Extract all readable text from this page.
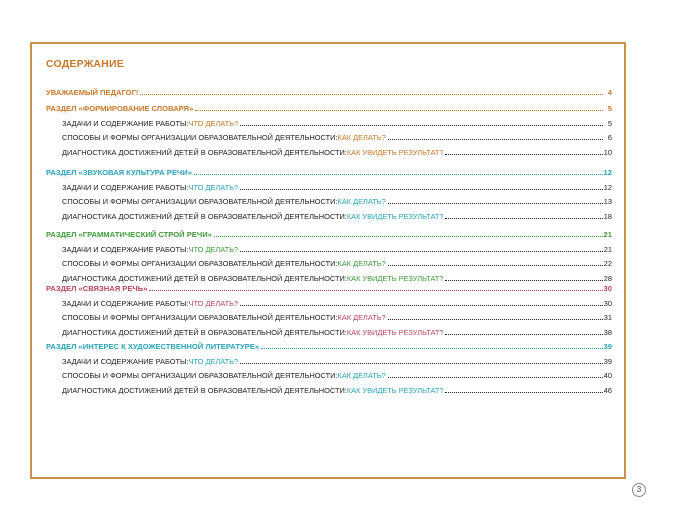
СОДЕРЖАНИЕ
УВАЖАЕМЫЙ ПЕДАГОГ!	4
РАЗДЕЛ «ФОРМИРОВАНИЕ СЛОВАРЯ»	5
ЗАДАЧИ И СОДЕРЖАНИЕ РАБОТЫ: ЧТО ДЕЛАТЬ?	5
СПОСОБЫ И ФОРМЫ ОРГАНИЗАЦИИ ОБРАЗОВАТЕЛЬНОЙ ДЕЯТЕЛЬНОСТИ: КАК ДЕЛАТЬ?	6
ДИАГНОСТИКА ДОСТИЖЕНИЙ ДЕТЕЙ В ОБРАЗОВАТЕЛЬНОЙ ДЕЯТЕЛЬНОСТИ: КАК УВИДЕТЬ РЕЗУЛЬТАТ?	10
РАЗДЕЛ «ЗВУКОВАЯ КУЛЬТУРА РЕЧИ»	12
ЗАДАЧИ И СОДЕРЖАНИЕ РАБОТЫ: ЧТО ДЕЛАТЬ?	12
СПОСОБЫ И ФОРМЫ ОРГАНИЗАЦИИ ОБРАЗОВАТЕЛЬНОЙ ДЕЯТЕЛЬНОСТИ: КАК ДЕЛАТЬ?	13
ДИАГНОСТИКА ДОСТИЖЕНИЙ ДЕТЕЙ В ОБРАЗОВАТЕЛЬНОЙ ДЕЯТЕЛЬНОСТИ: КАК УВИДЕТЬ РЕЗУЛЬТАТ?	18
РАЗДЕЛ «ГРАММАТИЧЕСКИЙ СТРОЙ РЕЧИ»	21
ЗАДАЧИ И СОДЕРЖАНИЕ РАБОТЫ: ЧТО ДЕЛАТЬ?	21
СПОСОБЫ И ФОРМЫ ОРГАНИЗАЦИИ ОБРАЗОВАТЕЛЬНОЙ ДЕЯТЕЛЬНОСТИ: КАК ДЕЛАТЬ?	22
ДИАГНОСТИКА ДОСТИЖЕНИЙ ДЕТЕЙ В ОБРАЗОВАТЕЛЬНОЙ ДЕЯТЕЛЬНОСТИ: КАК УВИДЕТЬ РЕЗУЛЬТАТ?	28
РАЗДЕЛ «СВЯЗНАЯ РЕЧЬ»	30
ЗАДАЧИ И СОДЕРЖАНИЕ РАБОТЫ: ЧТО ДЕЛАТЬ?	30
СПОСОБЫ И ФОРМЫ ОРГАНИЗАЦИИ ОБРАЗОВАТЕЛЬНОЙ ДЕЯТЕЛЬНОСТИ: КАК ДЕЛАТЬ?	31
ДИАГНОСТИКА ДОСТИЖЕНИЙ ДЕТЕЙ В ОБРАЗОВАТЕЛЬНОЙ ДЕЯТЕЛЬНОСТИ: КАК УВИДЕТЬ РЕЗУЛЬТАТ?	38
РАЗДЕЛ «ИНТЕРЕС К ХУДОЖЕСТВЕННОЙ ЛИТЕРАТУРЕ»	39
ЗАДАЧИ И СОДЕРЖАНИЕ РАБОТЫ: ЧТО ДЕЛАТЬ?	39
СПОСОБЫ И ФОРМЫ ОРГАНИЗАЦИИ ОБРАЗОВАТЕЛЬНОЙ ДЕЯТЕЛЬНОСТИ: КАК ДЕЛАТЬ?	40
ДИАГНОСТИКА ДОСТИЖЕНИЙ ДЕТЕЙ В ОБРАЗОВАТЕЛЬНОЙ ДЕЯТЕЛЬНОСТИ: КАК УВИДЕТЬ РЕЗУЛЬТАТ?	46
3
